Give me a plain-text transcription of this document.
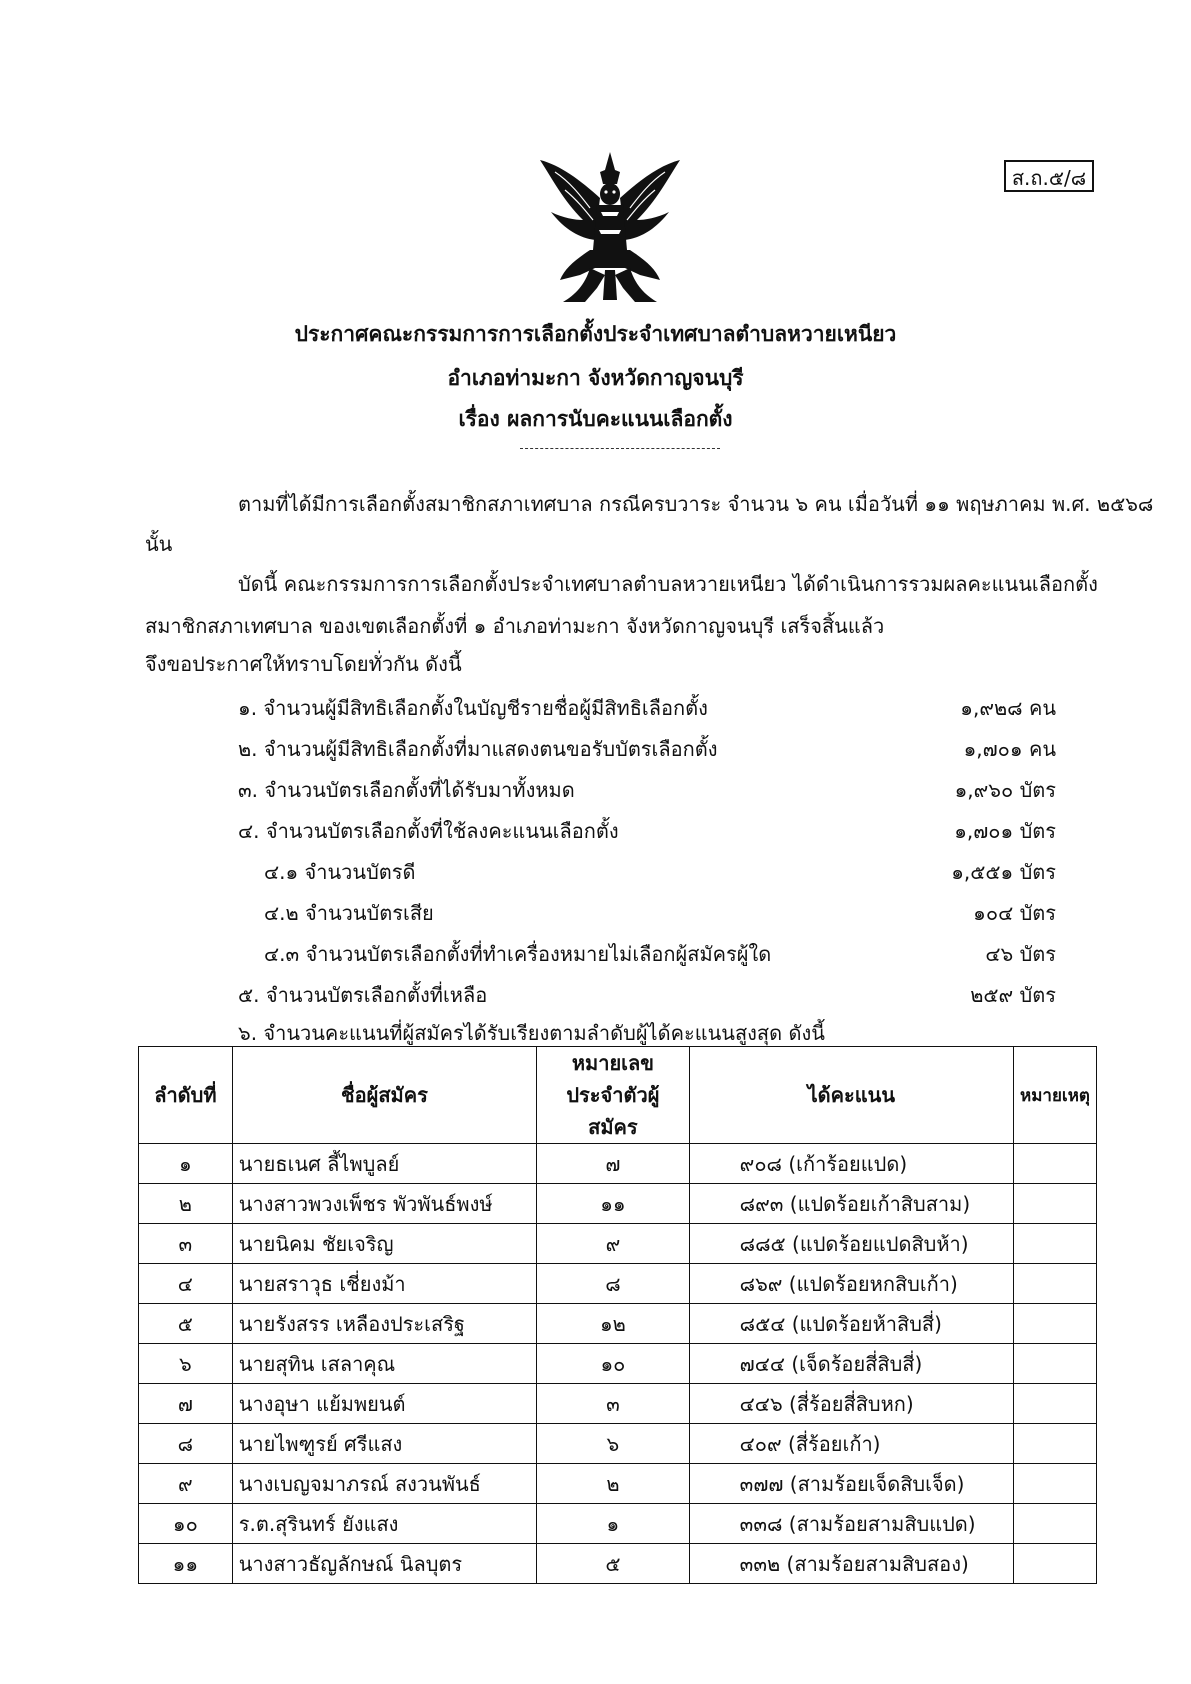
ส.ถ.๕/๘
ประกาศคณะกรรมการการเลือกตั้งประจำเทศบาลตำบลหวายเหนียว
อำเภอท่ามะกา จังหวัดกาญจนบุรี
เรื่อง ผลการนับคะแนนเลือกตั้ง
ตามที่ได้มีการเลือกตั้งสมาชิกสภาเทศบาล กรณีครบวาระ จำนวน ๖ คน เมื่อวันที่ ๑๑ พฤษภาคม พ.ศ. ๒๕๖๘
นั้น
บัดนี้ คณะกรรมการการเลือกตั้งประจำเทศบาลตำบลหวายเหนียว ได้ดำเนินการรวมผลคะแนนเลือกตั้ง
สมาชิกสภาเทศบาล ของเขตเลือกตั้งที่ ๑ อำเภอท่ามะกา จังหวัดกาญจนบุรี เสร็จสิ้นแล้ว
จึงขอประกาศให้ทราบโดยทั่วกัน ดังนี้
๑. จำนวนผู้มีสิทธิเลือกตั้งในบัญชีรายชื่อผู้มีสิทธิเลือกตั้ง	๑,๙๒๘ คน
๒. จำนวนผู้มีสิทธิเลือกตั้งที่มาแสดงตนขอรับบัตรเลือกตั้ง	๑,๗๐๑ คน
๓. จำนวนบัตรเลือกตั้งที่ได้รับมาทั้งหมด	๑,๙๖๐ บัตร
๔. จำนวนบัตรเลือกตั้งที่ใช้ลงคะแนนเลือกตั้ง	๑,๗๐๑ บัตร
๔.๑ จำนวนบัตรดี	๑,๕๕๑ บัตร
๔.๒ จำนวนบัตรเสีย	๑๐๔ บัตร
๔.๓ จำนวนบัตรเลือกตั้งที่ทำเครื่องหมายไม่เลือกผู้สมัครผู้ใด	๔๖ บัตร
๕. จำนวนบัตรเลือกตั้งที่เหลือ	๒๕๙ บัตร
๖. จำนวนคะแนนที่ผู้สมัครได้รับเรียงตามลำดับผู้ได้คะแนนสูงสุด ดังนี้
ลำดับที่	ชื่อผู้สมัคร	หมายเลข
ประจำตัวผู้สมัคร	ได้คะแนน	หมายเหตุ
๑	นายธเนศ ลี้ไพบูลย์	๗	๙๐๘ (เก้าร้อยแปด)	
๒	นางสาวพวงเพ็ชร พัวพันธ์พงษ์	๑๑	๘๙๓ (แปดร้อยเก้าสิบสาม)	
๓	นายนิคม ชัยเจริญ	๙	๘๘๕ (แปดร้อยแปดสิบห้า)	
๔	นายสราวุธ เชี่ยงม้า	๘	๘๖๙ (แปดร้อยหกสิบเก้า)	
๕	นายรังสรร เหลืองประเสริฐ	๑๒	๘๕๔ (แปดร้อยห้าสิบสี่)	
๖	นายสุทิน เสลาคุณ	๑๐	๗๔๔ (เจ็ดร้อยสี่สิบสี่)	
๗	นางอุษา แย้มพยนต์	๓	๔๔๖ (สี่ร้อยสี่สิบหก)	
๘	นายไพฑูรย์ ศรีแสง	๖	๔๐๙ (สี่ร้อยเก้า)	
๙	นางเบญจมาภรณ์ สงวนพันธ์	๒	๓๗๗ (สามร้อยเจ็ดสิบเจ็ด)	
๑๐	ร.ต.สุรินทร์ ยังแสง	๑	๓๓๘ (สามร้อยสามสิบแปด)	
๑๑	นางสาวธัญลักษณ์ นิลบุตร	๕	๓๓๒ (สามร้อยสามสิบสอง)	
